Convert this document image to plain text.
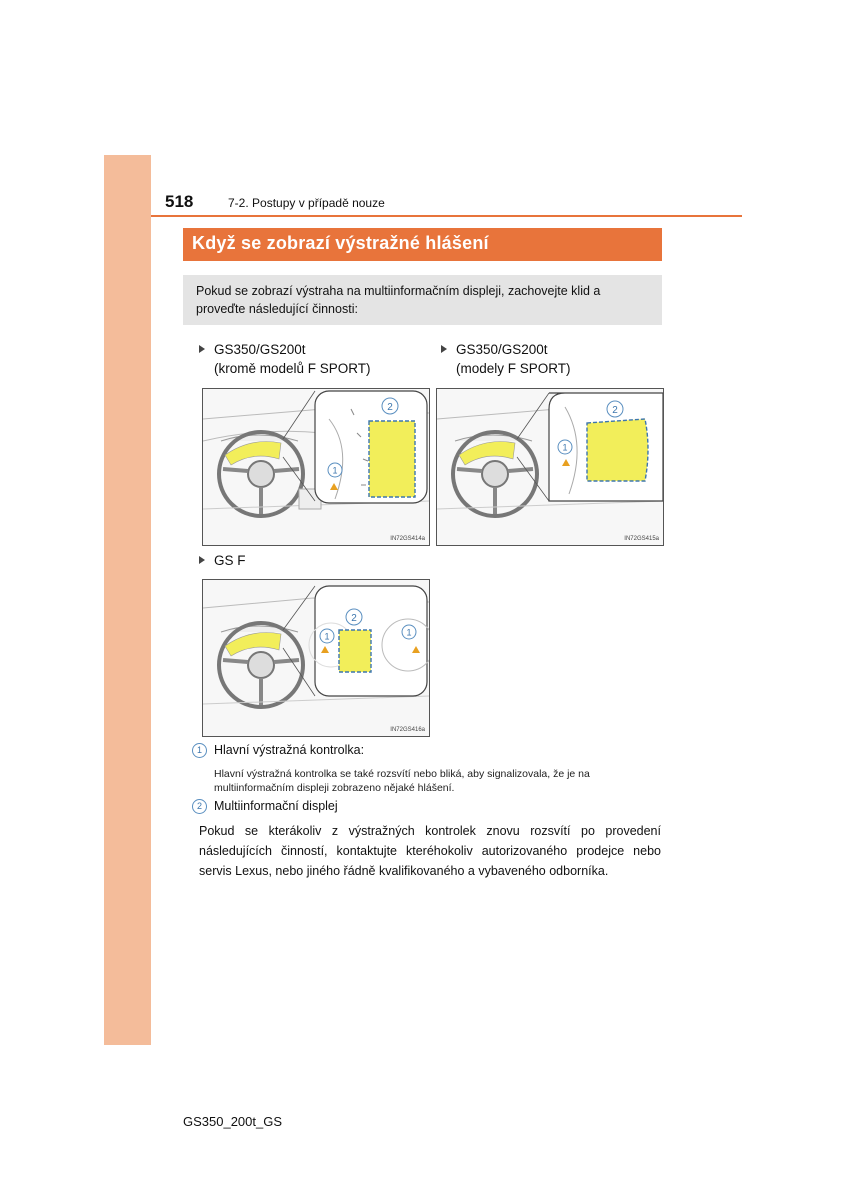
518	7-2. Postupy v případě nouze
Když se zobrazí výstražné hlášení
Pokud se zobrazí výstraha na multiinformačním displeji, zachovejte klid a proveďte následující činnosti:
GS350/GS200t
(kromě modelů F SPORT)
GS350/GS200t
(modely F SPORT)
2
1
IN72GS414a
2
1
IN72GS415a
GS F
2
1	1
IN72GS416a
1 Hlavní výstražná kontrolka:
Hlavní výstražná kontrolka se také rozsvítí nebo bliká, aby signalizovala, že je na multiinformačním displeji zobrazeno nějaké hlášení.
2 Multiinformační displej
Pokud se kterákoliv z výstražných kontrolek znovu rozsvítí po provedení následujících činností, kontaktujte kteréhokoliv autorizovaného prodejce nebo servis Lexus, nebo jiného řádně kvalifikovaného a vybaveného odborníka.
GS350_200t_GS
